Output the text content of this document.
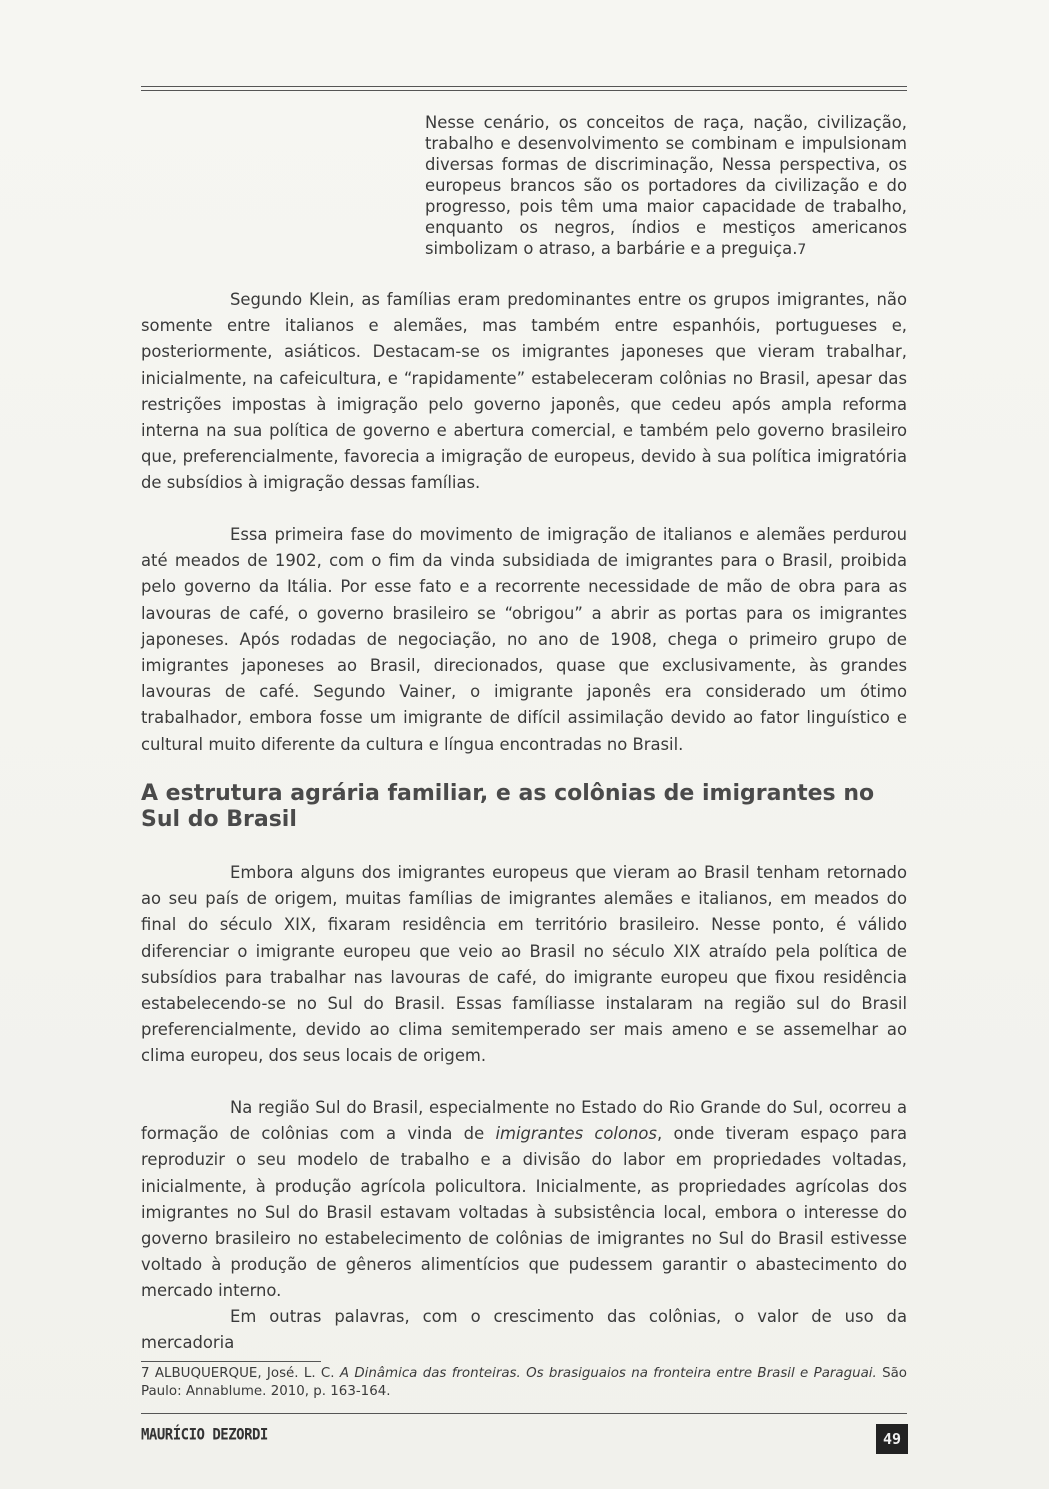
Nesse cenário, os conceitos de raça, nação, civilização, trabalho e desenvolvimento se combinam e impulsionam diversas formas de discriminação, Nessa perspectiva, os europeus brancos são os portadores da civilização e do progresso, pois têm uma maior capacidade de trabalho, enquanto os negros, índios e mestiços americanos simbolizam o atraso, a barbárie e a preguiça.7

Segundo Klein, as famílias eram predominantes entre os grupos imigrantes, não somente entre italianos e alemães, mas também entre espanhóis, portugueses e, posteriormente, asiáticos. Destacam-se os imigrantes japoneses que vieram trabalhar, inicialmente, na cafeicultura, e “rapidamente” estabeleceram colônias no Brasil, apesar das restrições impostas à imigração pelo governo japonês, que cedeu após ampla reforma interna na sua política de governo e abertura comercial, e também pelo governo brasileiro que, preferencialmente, favorecia a imigração de europeus, devido à sua política imigratória de subsídios à imigração dessas famílias.

Essa primeira fase do movimento de imigração de italianos e alemães perdurou até meados de 1902, com o fim da vinda subsidiada de imigrantes para o Brasil, proibida pelo governo da Itália. Por esse fato e a recorrente necessidade de mão de obra para as lavouras de café, o governo brasileiro se “obrigou” a abrir as portas para os imigrantes japoneses. Após rodadas de negociação, no ano de 1908, chega o primeiro grupo de imigrantes japoneses ao Brasil, direcionados, quase que exclusivamente, às grandes lavouras de café. Segundo Vainer, o imigrante japonês era considerado um ótimo trabalhador, embora fosse um imigrante de difícil assimilação devido ao fator linguístico e cultural muito diferente da cultura e língua encontradas no Brasil.

A estrutura agrária familiar, e as colônias de imigrantes no Sul do Brasil

Embora alguns dos imigrantes europeus que vieram ao Brasil tenham retornado ao seu país de origem, muitas famílias de imigrantes alemães e italianos, em meados do final do século XIX, fixaram residência em território brasileiro. Nesse ponto, é válido diferenciar o imigrante europeu que veio ao Brasil no século XIX atraído pela política de subsídios para trabalhar nas lavouras de café, do imigrante europeu que fixou residência estabelecendo-se no Sul do Brasil. Essas famíliasse instalaram na região sul do Brasil preferencialmente, devido ao clima semitemperado ser mais ameno e se assemelhar ao clima europeu, dos seus locais de origem.

Na região Sul do Brasil, especialmente no Estado do Rio Grande do Sul, ocorreu a formação de colônias com a vinda de imigrantes colonos, onde tiveram espaço para reproduzir o seu modelo de trabalho e a divisão do labor em propriedades voltadas, inicialmente, à produção agrícola policultora. Inicialmente, as propriedades agrícolas dos imigrantes no Sul do Brasil estavam voltadas à subsistência local, embora o interesse do governo brasileiro no estabelecimento de colônias de imigrantes no Sul do Brasil estivesse voltado à produção de gêneros alimentícios que pudessem garantir o abastecimento do mercado interno.

Em outras palavras, com o crescimento das colônias, o valor de uso da mercadoria

7 ALBUQUERQUE, José. L. C. A Dinâmica das fronteiras. Os brasiguaios na fronteira entre Brasil e Paraguai. São Paulo: Annablume. 2010, p. 163-164.

MAURÍCIO DEZORDI	49
